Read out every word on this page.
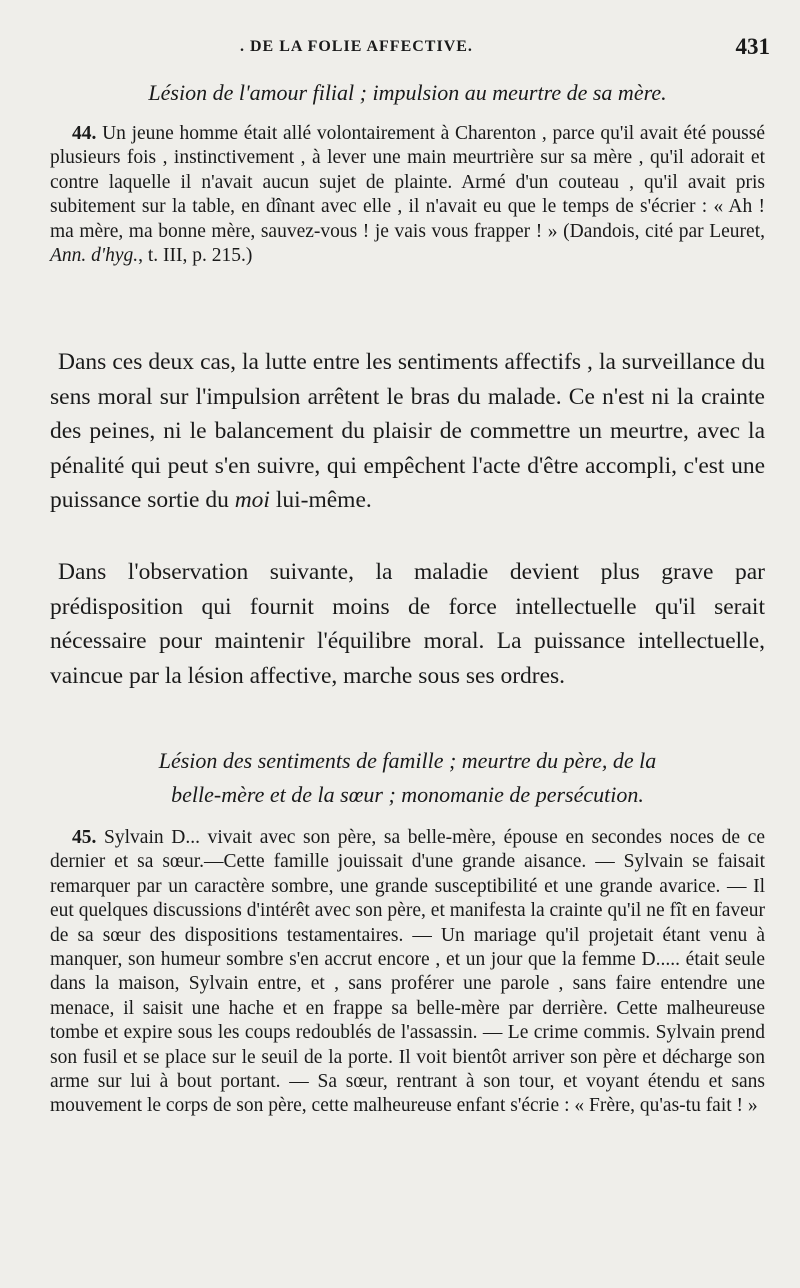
. DE LA FOLIE AFFECTIVE.	431

Lésion de l'amour filial ; impulsion au meurtre de sa mère.

44. Un jeune homme était allé volontairement à Charenton , parce qu'il avait été poussé plusieurs fois , instinctivement , à lever une main meurtrière sur sa mère , qu'il adorait et contre laquelle il n'avait aucun sujet de plainte. Armé d'un couteau , qu'il avait pris subitement sur la table, en dînant avec elle , il n'avait eu que le temps de s'écrier : « Ah ! ma mère, ma bonne mère, sauvez-vous ! je vais vous frapper ! » (Dandois, cité par Leuret, Ann. d'hyg., t. III, p. 215.)

Dans ces deux cas, la lutte entre les sentiments affectifs , la surveillance du sens moral sur l'impulsion arrêtent le bras du malade. Ce n'est ni la crainte des peines, ni le balancement du plaisir de commettre un meurtre, avec la pénalité qui peut s'en suivre, qui empêchent l'acte d'être accompli, c'est une puissance sortie du moi lui-même.

Dans l'observation suivante, la maladie devient plus grave par prédisposition qui fournit moins de force intellectuelle qu'il serait nécessaire pour maintenir l'équilibre moral. La puissance intellectuelle, vaincue par la lésion affective, marche sous ses ordres.

Lésion des sentiments de famille ; meurtre du père, de la
belle-mère et de la sœur ; monomanie de persécution.

45. Sylvain D... vivait avec son père, sa belle-mère, épouse en secondes noces de ce dernier et sa sœur.—Cette famille jouissait d'une grande aisance. — Sylvain se faisait remarquer par un caractère sombre, une grande susceptibilité et une grande avarice. — Il eut quelques discussions d'intérêt avec son père, et manifesta la crainte qu'il ne fît en faveur de sa sœur des dispositions testamentaires. — Un mariage qu'il projetait étant venu à manquer, son humeur sombre s'en accrut encore , et un jour que la femme D..... était seule dans la maison, Sylvain entre, et , sans proférer une parole , sans faire entendre une menace, il saisit une hache et en frappe sa belle-mère par derrière. Cette malheureuse tombe et expire sous les coups redoublés de l'assassin. — Le crime commis. Sylvain prend son fusil et se place sur le seuil de la porte. Il voit bientôt arriver son père et décharge son arme sur lui à bout portant. — Sa sœur, rentrant à son tour, et voyant étendu et sans mouvement le corps de son père, cette malheureuse enfant s'écrie : « Frère, qu'as-tu fait ! »
